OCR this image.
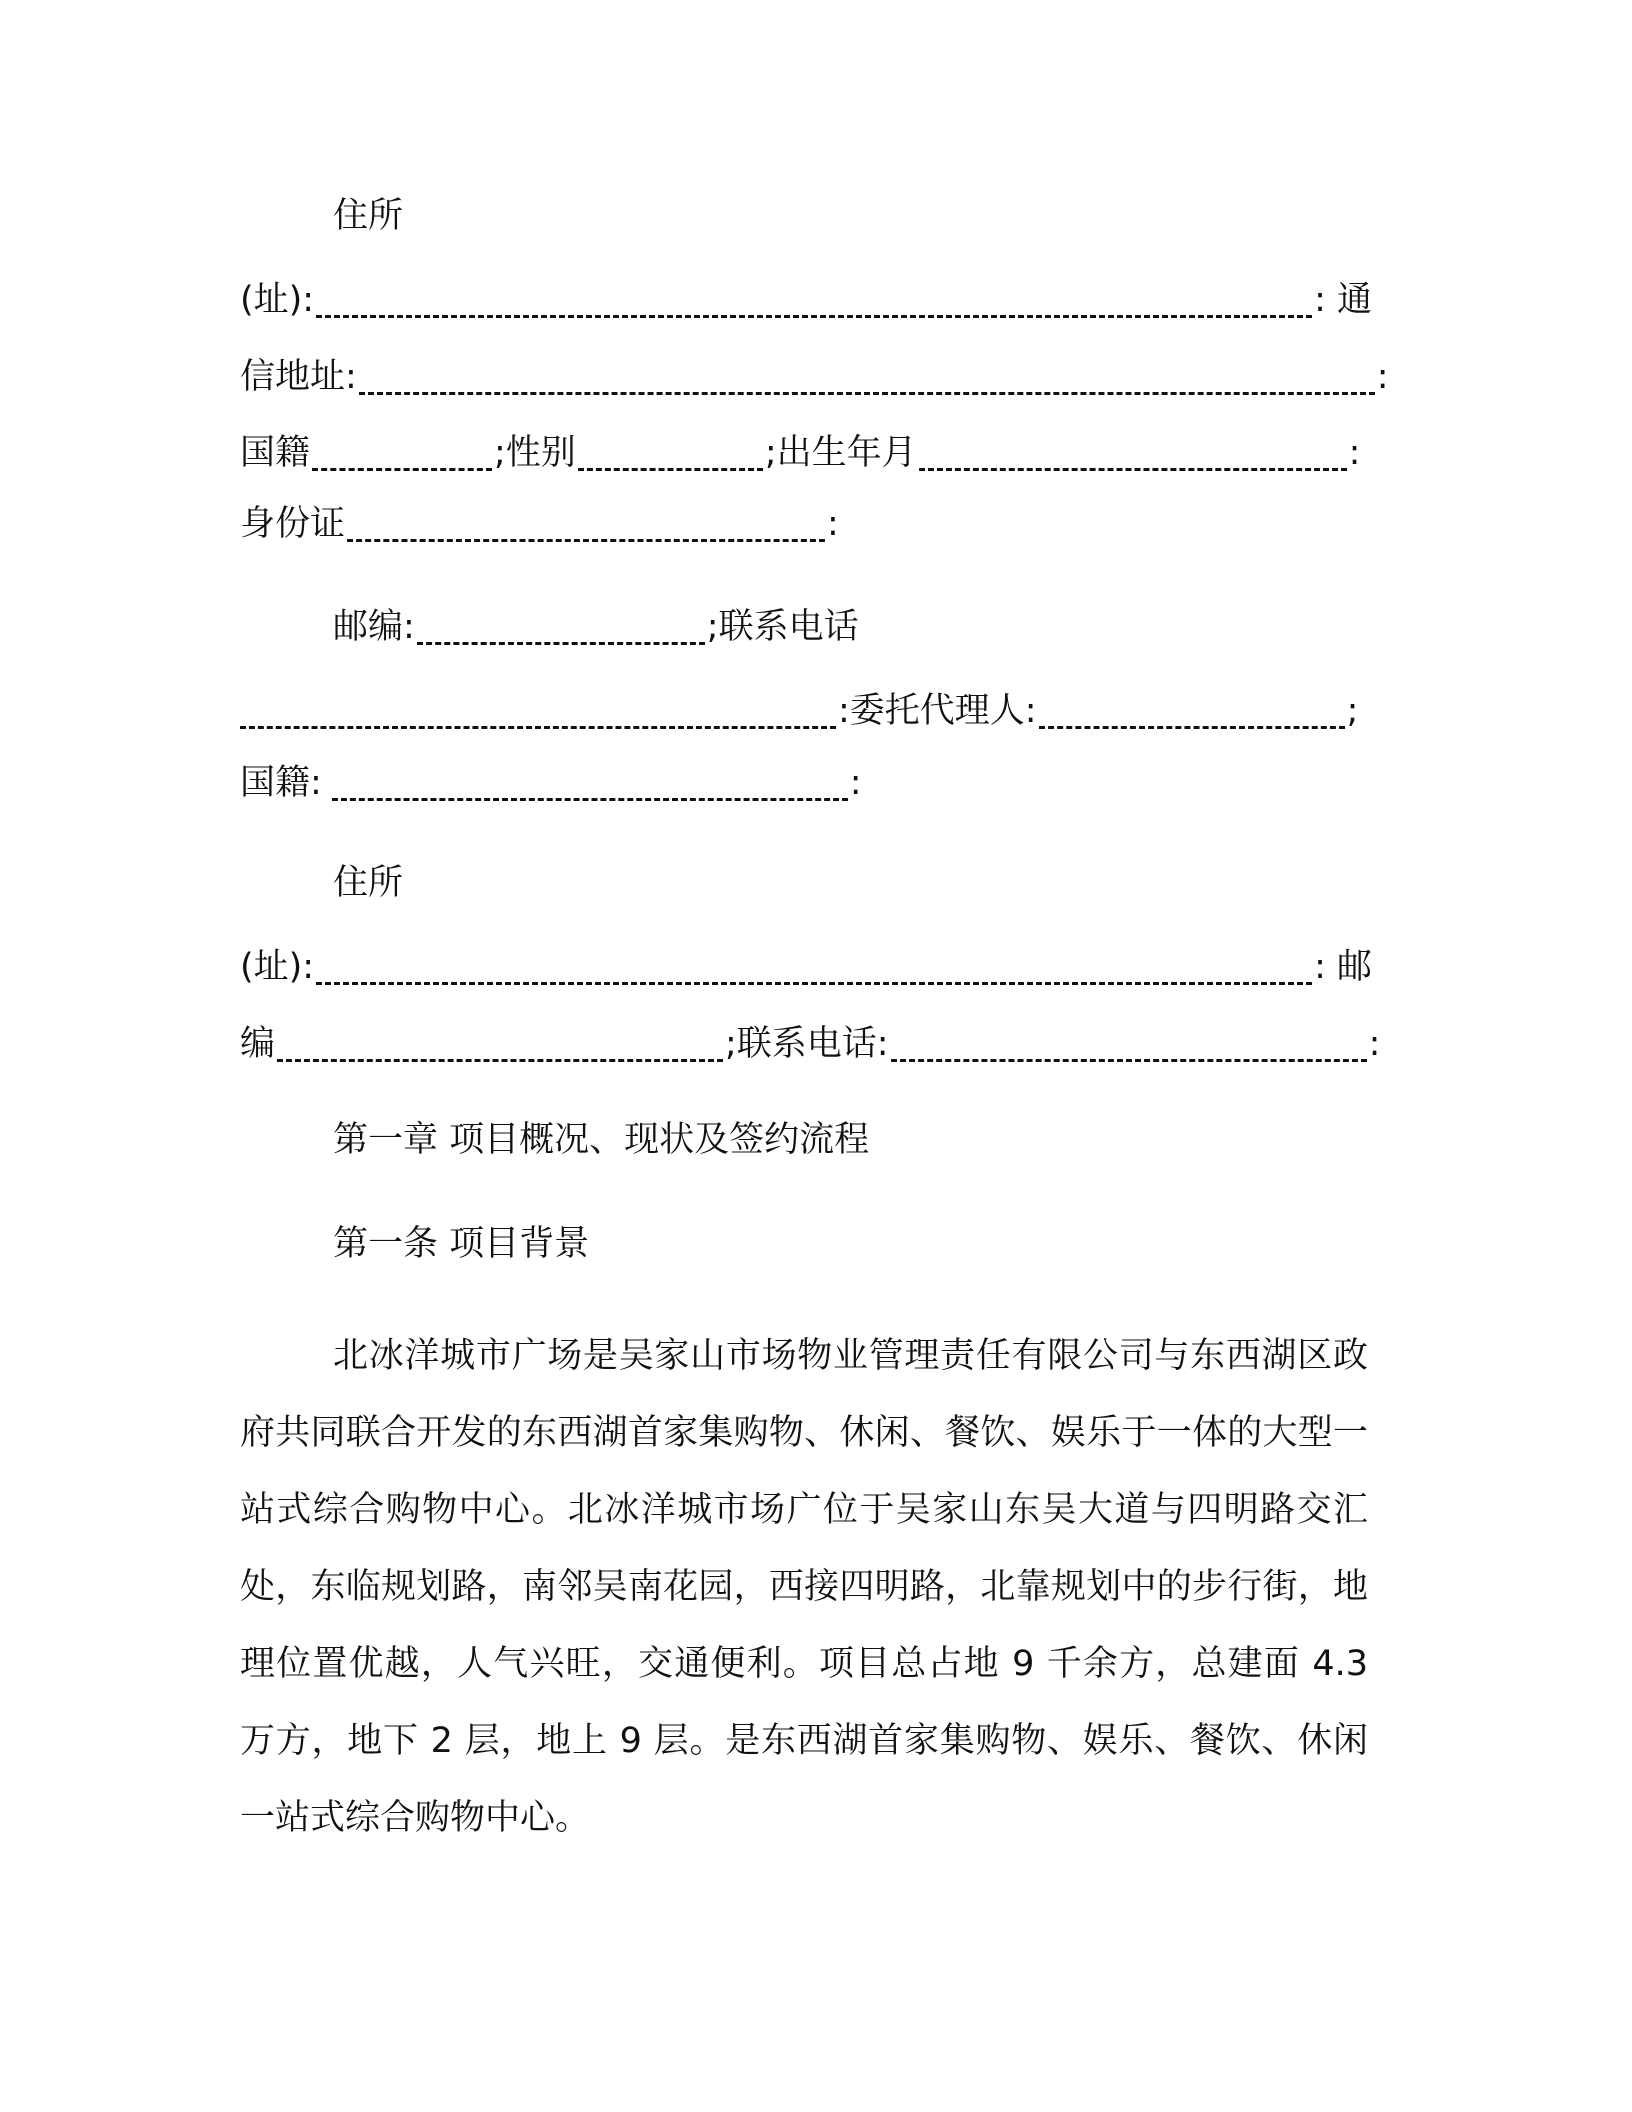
住所
(址):	: 通
信地址:	:
国籍	;性别	;出生年月	:
身份证	:
邮编:	;联系电话
:委托代理人:	;
国籍:	:
住所
(址):	: 邮
编	;联系电话:	:
第一章 项目概况、现状及签约流程
第一条 项目背景
北冰洋城市广场是吴家山市场物业管理责任有限公司与东西湖区政府共同联合开发的东西湖首家集购物、休闲、餐饮、娱乐于一体的大型一站式综合购物中心。北冰洋城市场广位于吴家山东吴大道与四明路交汇处，东临规划路，南邻吴南花园，西接四明路，北靠规划中的步行街，地理位置优越，人气兴旺，交通便利。项目总占地 9 千余方，总建面 4.3 万方，地下 2 层，地上 9 层。是东西湖首家集购物、娱乐、餐饮、休闲一站式综合购物中心。
